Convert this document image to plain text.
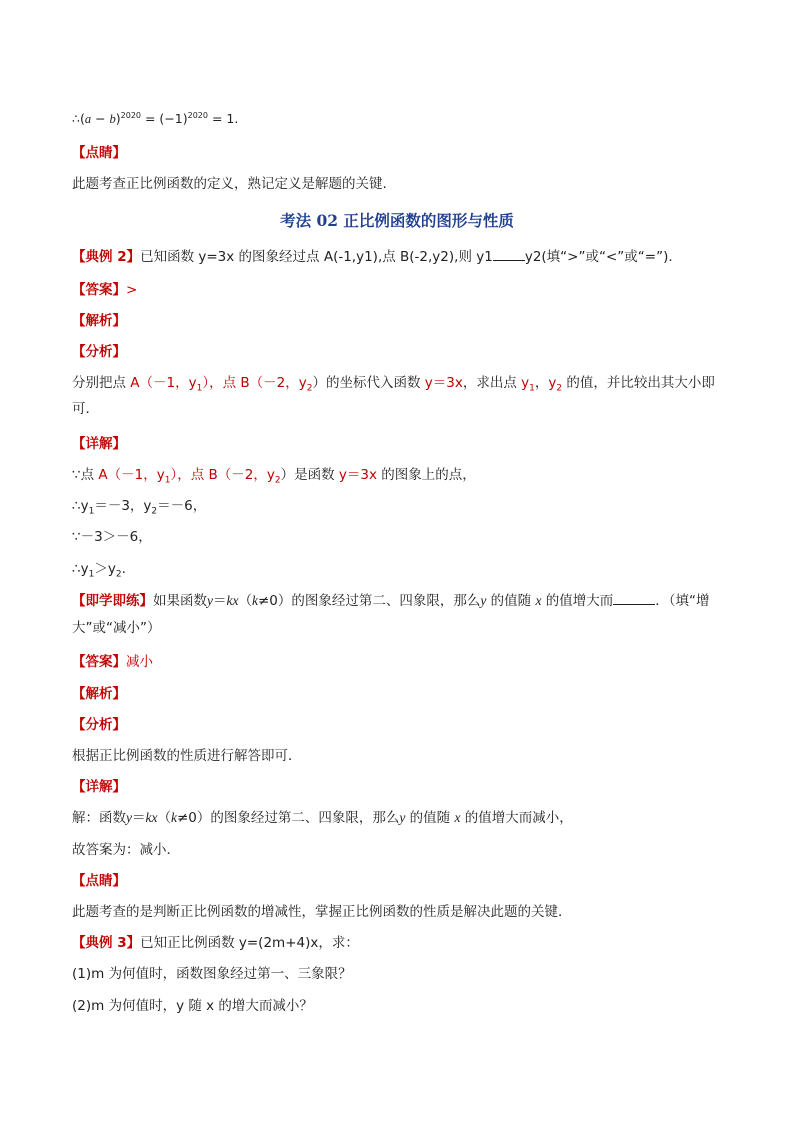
∴(a − $b)^{2020} = (-1)^{2020} = 1$.
【点睛】
此题考查正比例函数的定义，熟记定义是解题的关键.
考法 02 正比例函数的图形与性质
【典例 2】已知函数 y=3x 的图象经过点 A(-1,y1),点 B(-2,y2),则 y1 y2(填“>”或“<”或“=”).
【答案】>
【解析】
【分析】
分别把点 A（－1，$y_1$），点 B（－2，$y_2$）的坐标代入函数 y＝3x，求出点 $y_1$，$y_2$ 的值，并比较出其大小即
可．
【详解】
∵点 A（－1，$y_1$），点 B（－2，$y_2$）是函数 y＝3x 的图象上的点，
$\therefore y_1=-3$，$y_2=-6$，
∵－3＞－6，
$\therefore y_1>y_2$.
【即学即练】如果函数y＝kx（k≠0）的图象经过第二、四象限，那么y 的值随 x 的值增大而	．（填“增
大”或“减小”）
【答案】减小
【解析】
【分析】
根据正比例函数的性质进行解答即可．
【详解】
解：函数y＝kx（k≠0）的图象经过第二、四象限，那么y 的值随 x 的值增大而减小，
故答案为：减小．
【点睛】
此题考查的是判断正比例函数的增减性，掌握正比例函数的性质是解决此题的关键．
【典例 3】已知正比例函数 y=(2m+4)x，求：
(1)m 为何值时，函数图象经过第一、三象限？
(2)m 为何值时，y 随 x 的增大而减小？
